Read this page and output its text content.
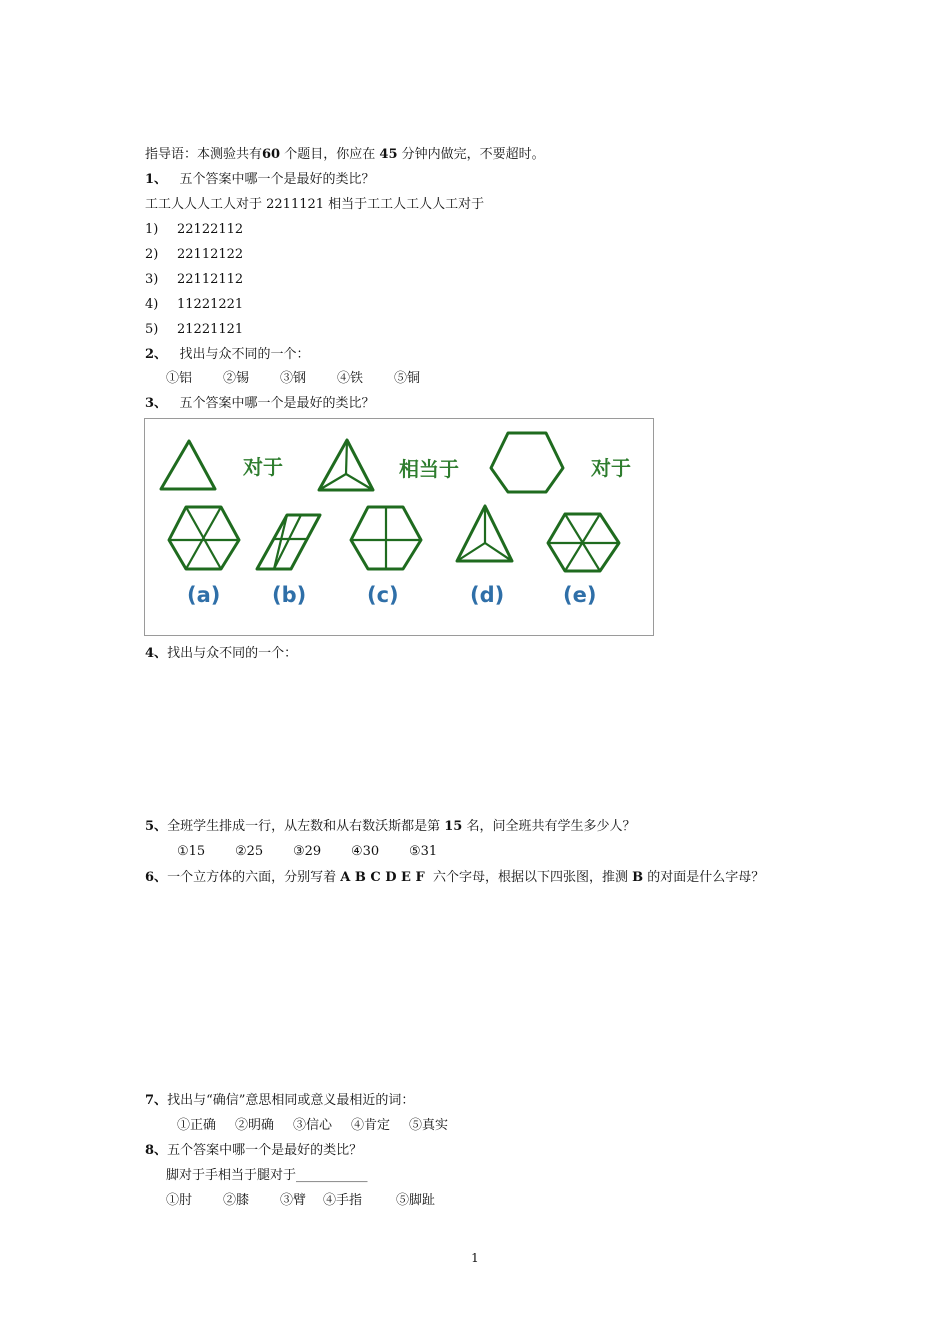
指导语：本测验共有60 个题目，你应在 45 分钟内做完，不要超时。
1、 五个答案中哪一个是最好的类比？
工工人人人工人对于 2211121 相当于工工人工人人工对于
1) 22122112
2) 22112122
3) 22112112
4) 11221221
5) 21221121
2、 找出与众不同的一个：
①铝 ②锡 ③钢 ④铁 ⑤铜
3、 五个答案中哪一个是最好的类比？
对于	相当于	对于
(a) (b)	(c)	(d)	(e)
4、找出与众不同的一个：
5、全班学生排成一行，从左数和从右数沃斯都是第 15 名，问全班共有学生多少人？
①15 ②25 ③29 ④30 ⑤31
6、一个立方体的六面，分别写着 A B C D E F 六个字母，根据以下四张图，推测 B 的对面是什么字母？
7、找出与“确信”意思相同或意义最相近的词：
①正确 ②明确 ③信心 ④肯定 ⑤真实
8、五个答案中哪一个是最好的类比？
脚对于手相当于腿对于___________
①肘 ②膝 ③臂 ④手指	⑤脚趾
1
